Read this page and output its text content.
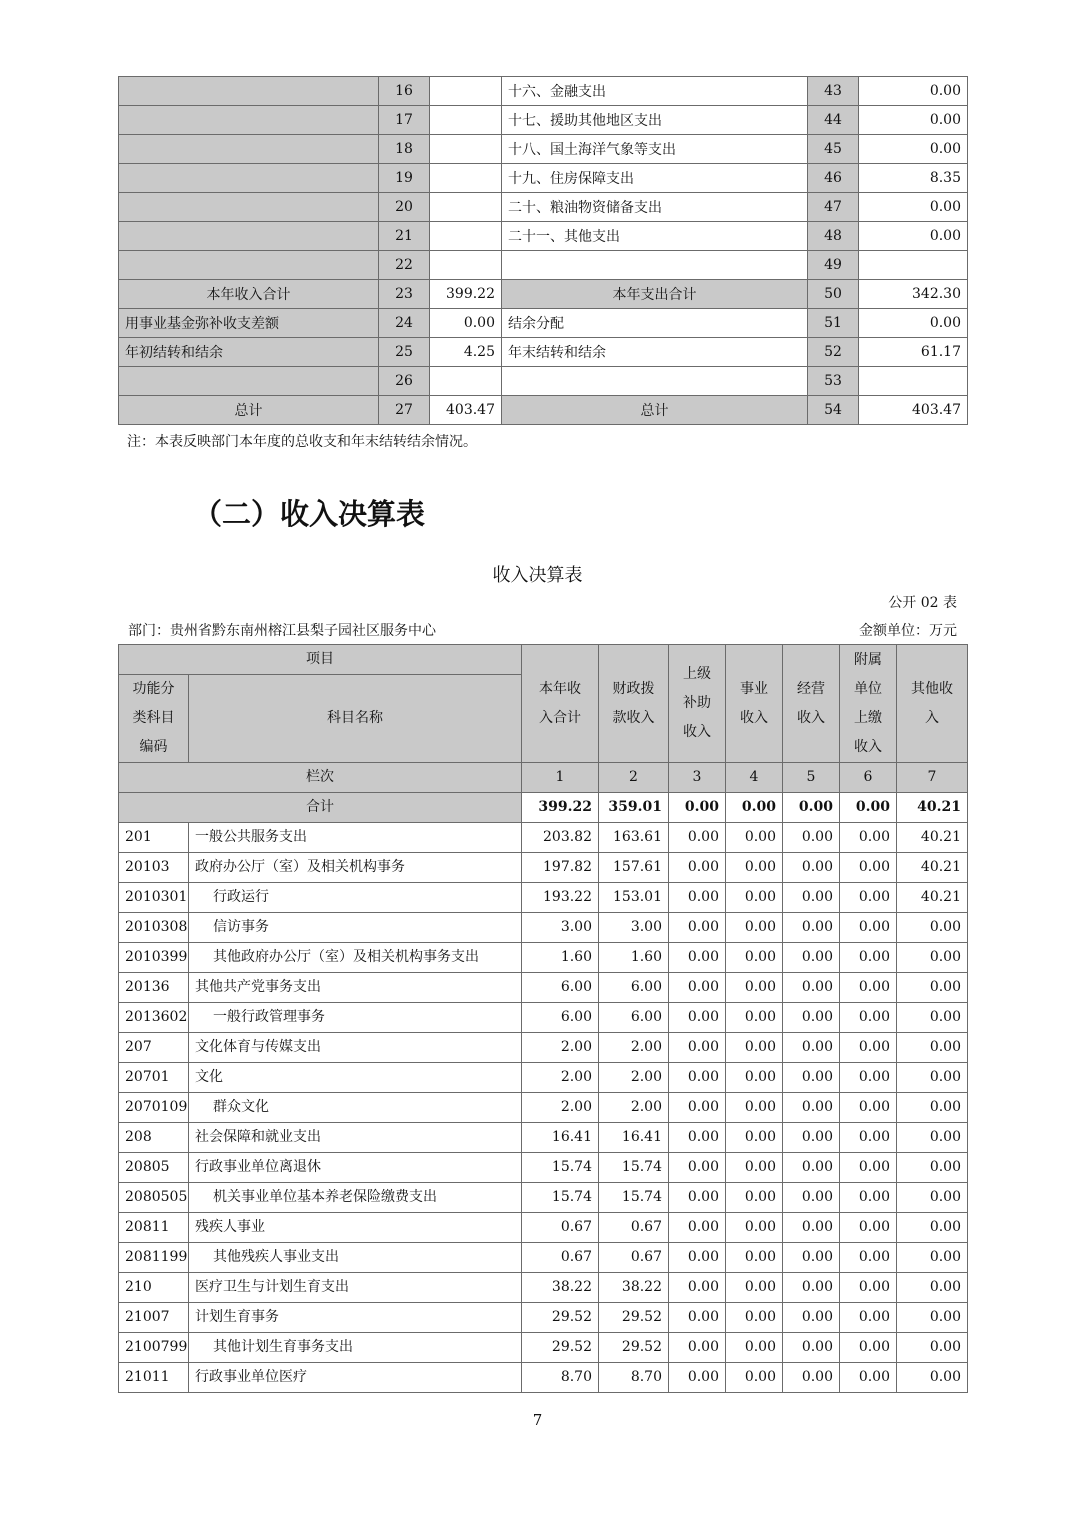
	16		十六、金融支出	43	0.00
	17		十七、援助其他地区支出	44	0.00
	18		十八、国土海洋气象等支出	45	0.00
	19		十九、住房保障支出	46	8.35
	20		二十、粮油物资储备支出	47	0.00
	21		二十一、其他支出	48	0.00
	22			49	
本年收入合计	23	399.22	本年支出合计	50	342.30
用事业基金弥补收支差额	24	0.00	结余分配	51	0.00
年初结转和结余	25	4.25	年末结转和结余	52	61.17
	26			53	
总计	27	403.47	总计	54	403.47
注：本表反映部门本年度的总收支和年末结转结余情况。
（二）收入决算表
收入决算表
公开 02 表
部门：贵州省黔东南州榕江县梨子园社区服务中心	金额单位：万元
项目		本年收入合计	财政拨款收入	上级补助收入	事业收入	经营收入	附属单位上缴收入	其他收入

功能分类科目编码	科目名称							
栏次		1	2	3	4	5	6	7
合计		399.22	359.01	0.00	0.00	0.00	0.00	40.21
201	一般公共服务支出	203.82	163.61	0.00	0.00	0.00	0.00	40.21
20103	政府办公厅（室）及相关机构事务	197.82	157.61	0.00	0.00	0.00	0.00	40.21
2010301	行政运行	193.22	153.01	0.00	0.00	0.00	0.00	40.21
2010308	信访事务	3.00	3.00	0.00	0.00	0.00	0.00	0.00
2010399	其他政府办公厅（室）及相关机构事务支出	1.60	1.60	0.00	0.00	0.00	0.00	0.00
20136	其他共产党事务支出	6.00	6.00	0.00	0.00	0.00	0.00	0.00
2013602	一般行政管理事务	6.00	6.00	0.00	0.00	0.00	0.00	0.00
207	文化体育与传媒支出	2.00	2.00	0.00	0.00	0.00	0.00	0.00
20701	文化	2.00	2.00	0.00	0.00	0.00	0.00	0.00
2070109	群众文化	2.00	2.00	0.00	0.00	0.00	0.00	0.00
208	社会保障和就业支出	16.41	16.41	0.00	0.00	0.00	0.00	0.00
20805	行政事业单位离退休	15.74	15.74	0.00	0.00	0.00	0.00	0.00
2080505	机关事业单位基本养老保险缴费支出	15.74	15.74	0.00	0.00	0.00	0.00	0.00
20811	残疾人事业	0.67	0.67	0.00	0.00	0.00	0.00	0.00
2081199	其他残疾人事业支出	0.67	0.67	0.00	0.00	0.00	0.00	0.00
210	医疗卫生与计划生育支出	38.22	38.22	0.00	0.00	0.00	0.00	0.00
21007	计划生育事务	29.52	29.52	0.00	0.00	0.00	0.00	0.00
2100799	其他计划生育事务支出	29.52	29.52	0.00	0.00	0.00	0.00	0.00
21011	行政事业单位医疗	8.70	8.70	0.00	0.00	0.00	0.00	0.00
7
